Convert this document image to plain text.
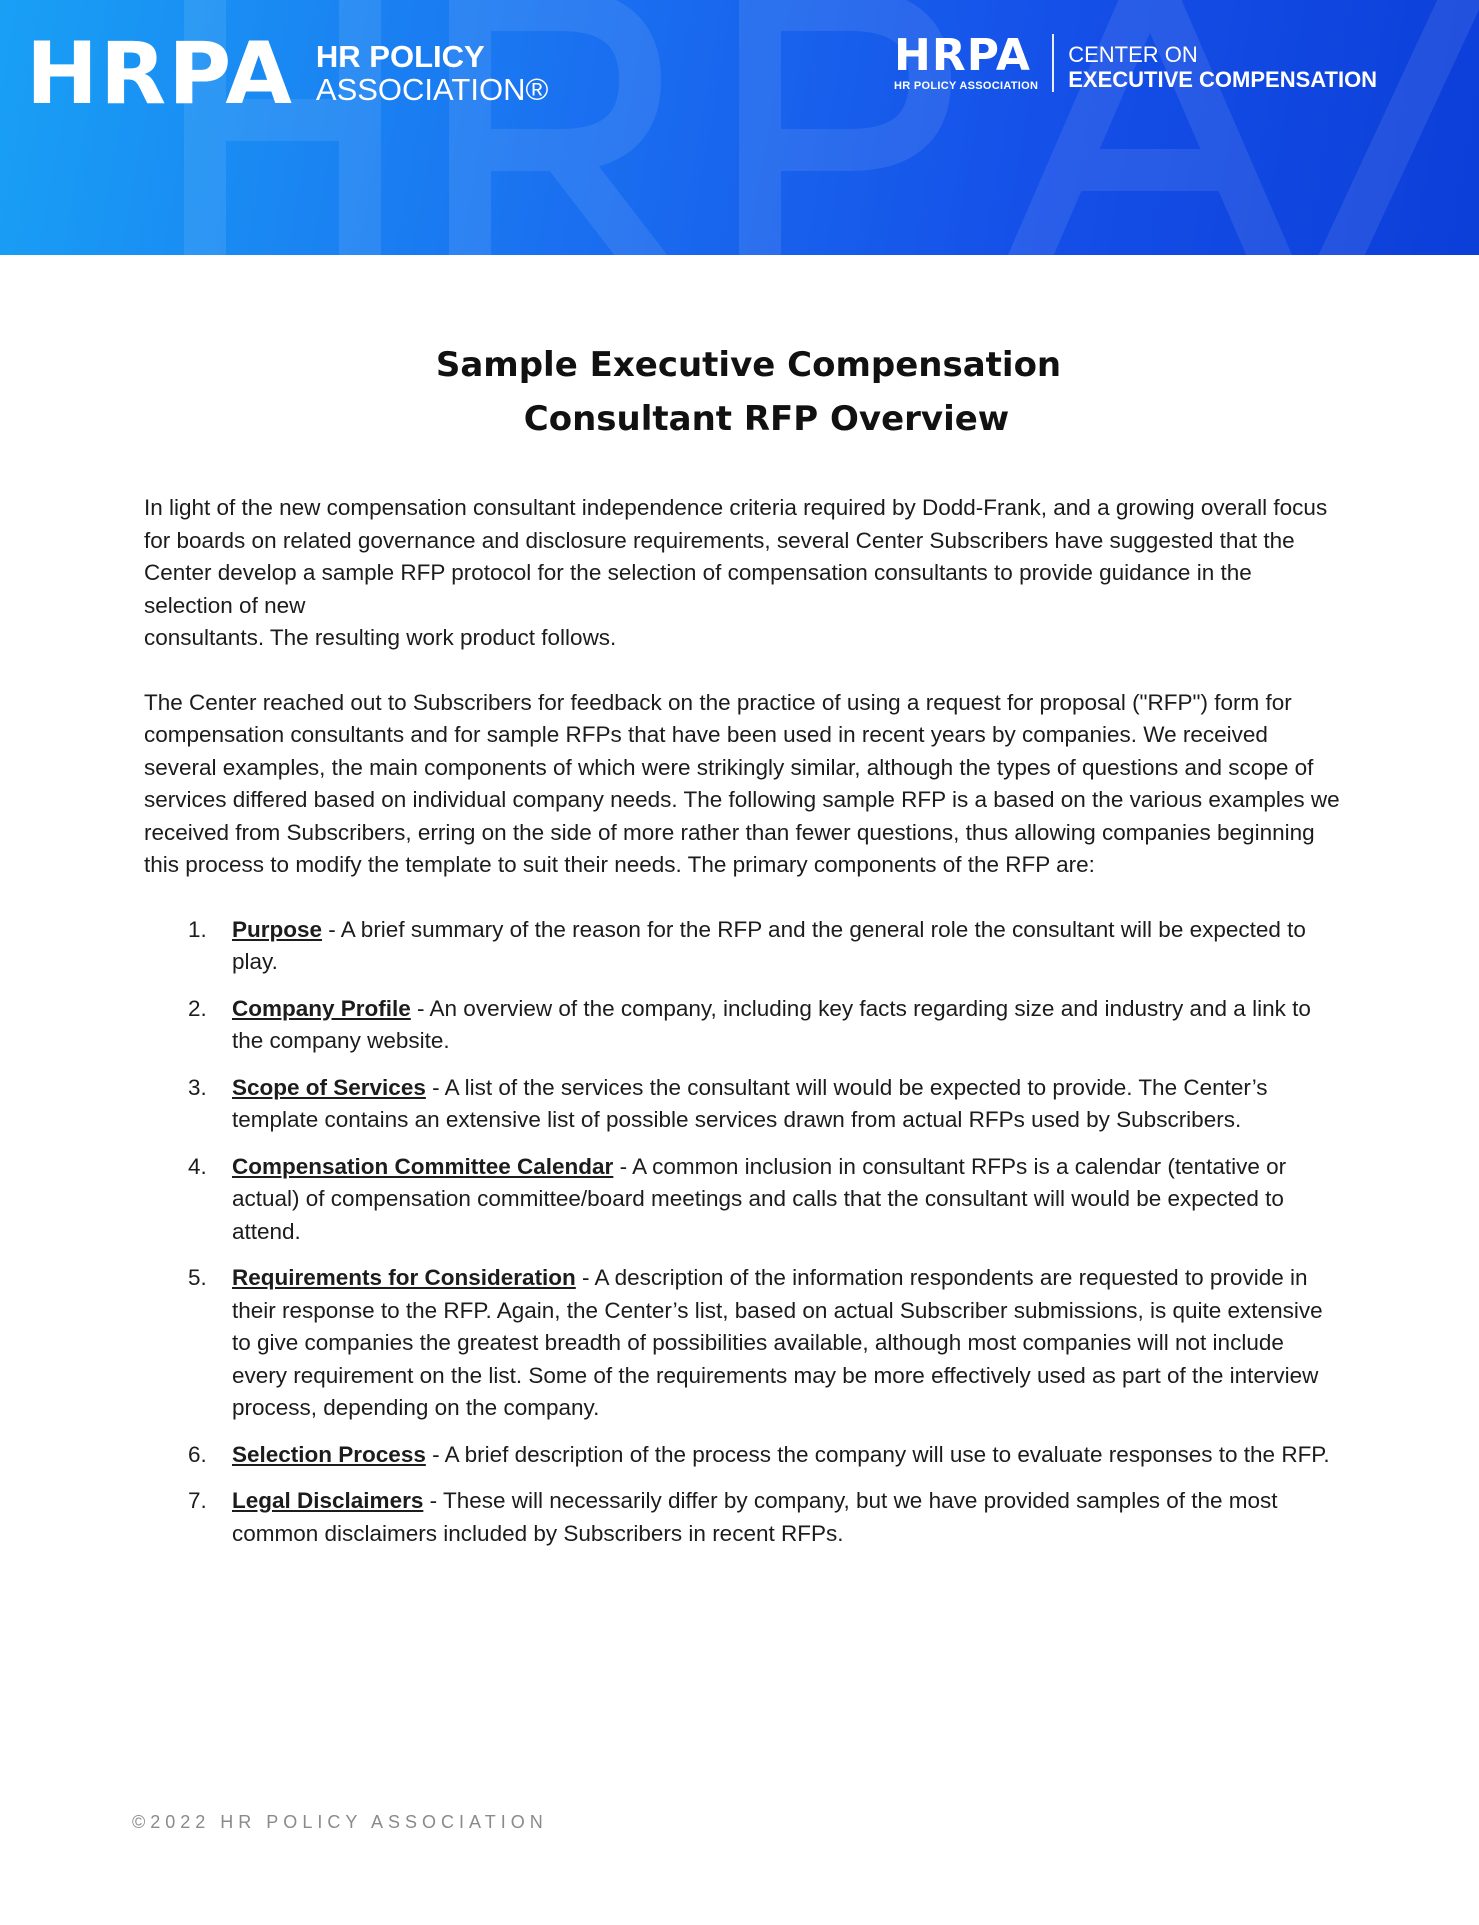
HRPA HR POLICY
ASSOCIATION®
HRPA
HR POLICY ASSOCIATION
CENTER ON
EXECUTIVE COMPENSATION
Sample Executive Compensation
Consultant RFP Overview

In light of the new compensation consultant independence criteria required by Dodd-Frank, and a growing overall focus for boards on related governance and disclosure requirements, several Center Subscribers have suggested that the Center develop a sample RFP protocol for the selection of compensation consultants to provide guidance in the selection of new
consultants. The resulting work product follows.

The Center reached out to Subscribers for feedback on the practice of using a request for proposal ("RFP") form for compensation consultants and for sample RFPs that have been used in recent years by companies. We received several examples, the main components of which were strikingly similar, although the types of questions and scope of services differed based on individual company needs. The following sample RFP is a based on the various examples we received from Subscribers, erring on the side of more rather than fewer questions, thus allowing companies beginning this process to modify the template to suit their needs. The primary components of the RFP are:

1. Purpose - A brief summary of the reason for the RFP and the general role the consultant will be expected to play.
2. Company Profile - An overview of the company, including key facts regarding size and industry and a link to the company website.
3. Scope of Services - A list of the services the consultant will would be expected to provide. The Center’s template contains an extensive list of possible services drawn from actual RFPs used by Subscribers.
4. Compensation Committee Calendar - A common inclusion in consultant RFPs is a calendar (tentative or actual) of compensation committee/board meetings and calls that the consultant will would be expected to attend.
5. Requirements for Consideration - A description of the information respondents are requested to provide in their response to the RFP. Again, the Center’s list, based on actual Subscriber submissions, is quite extensive to give companies the greatest breadth of possibilities available, although most companies will not include every requirement on the list. Some of the requirements may be more effectively used as part of the interview process, depending on the company.
6. Selection Process - A brief description of the process the company will use to evaluate responses to the RFP.
7. Legal Disclaimers - These will necessarily differ by company, but we have provided samples of the most common disclaimers included by Subscribers in recent RFPs.
©2022 HR POLICY ASSOCIATION
